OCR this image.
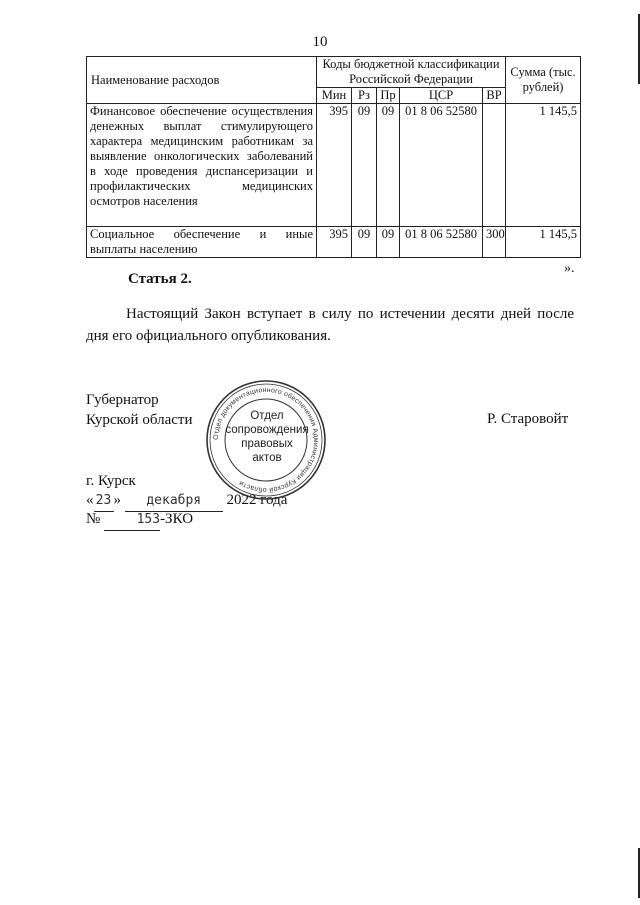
10
Наименование расходов	Коды бюджетной классификации Российской Федерации					Сумма (тыс. рублей)
	Мин	Рз	Пр	ЦСР	ВР	
Финансовое обеспечение осуществления денежных выплат стимулирующего характера медицинским работникам за выявление онкологических заболеваний в ходе проведения диспансеризации и профилактических медицинских осмотров населения	395	09	09	01 8 06 52580		1 145,5
Социальное обеспечение и иные выплаты населению	395	09	09	01 8 06 52580	300	1 145,5
».
Статья 2.

Настоящий Закон вступает в силу по истечении десяти дней после дня его официального опубликования.

Губернатор
Курской области	Р. Старовойт
г. Курск
« 23 » декабря 2022 года
№	153-ЗКО
Отдел документационного обеспечения Администрации Курской области
Отдел
сопровождения
правовых
актов
